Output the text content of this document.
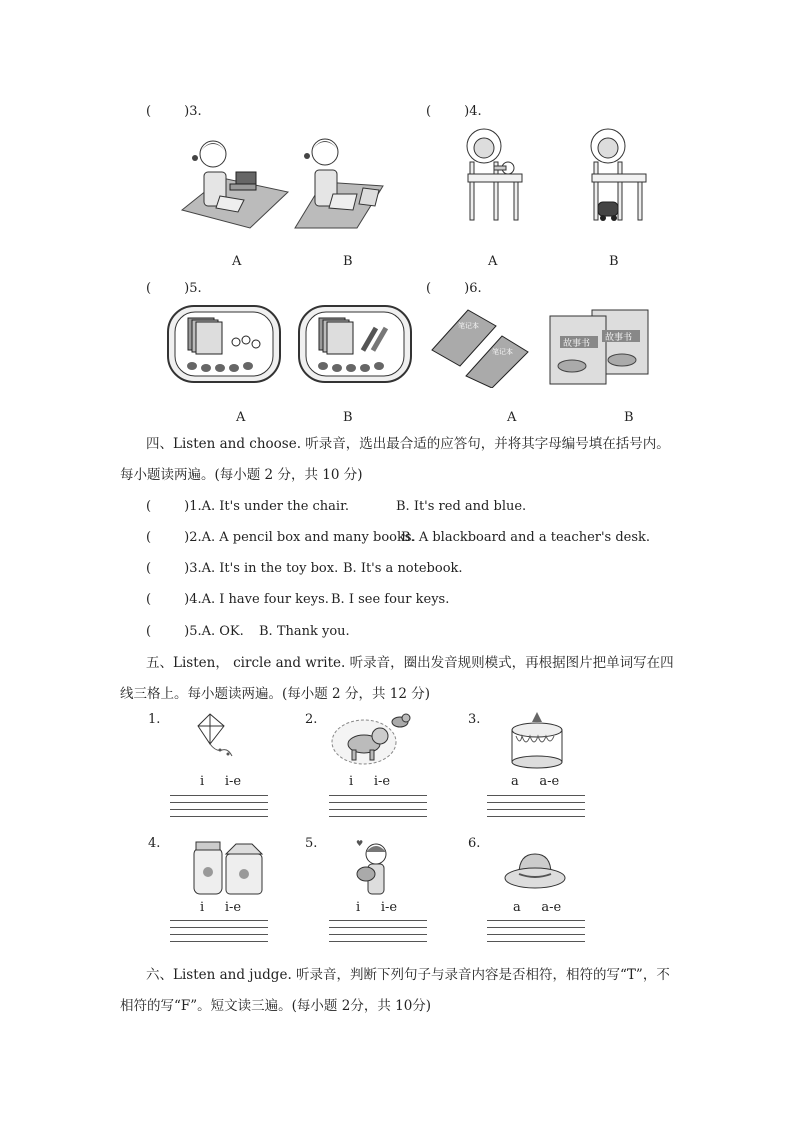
(        )3.	(        )4.
A	B	A	B
(        )5.	(        )6.
笔记本
笔记本
故事书
故事书
A	B	A	B
四、Listen and choose. 听录音，选出最合适的应答句，并将其字母编号填在括号内。每小题读两遍。(每小题 2 分，共 10 分)
(        )1.A. It's under the chair.	B. It's red and blue.
(        )2.A. A pencil box and many books.
B. A blackboard and a teacher's desk.
(        )3.A. It's in the toy box. B. It's a notebook.
(        )4.A. I have four keys. B. I see four keys.
(        )5.A. OK. B. Thank you.
五、Listen， circle and write. 听录音，圈出发音规则模式，再根据图片把单词写在四线三格上。每小题读两遍。(每小题 2 分，共 12 分)
1.	2.	3.
i     i-e	i     i-e	a     a-e
4.	5.	6.
♥
i     i-e	i     i-e	a     a-e
六、Listen and judge. 听录音，判断下列句子与录音内容是否相符，相符的写“T”，不相符的写“F”。短文读三遍。(每小题 2分，共 10分)
